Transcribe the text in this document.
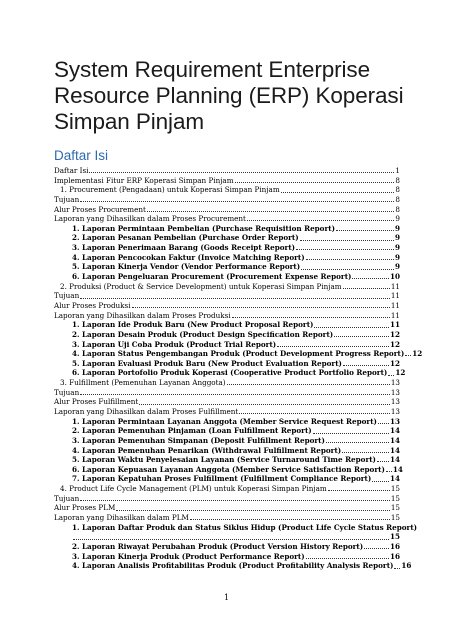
System Requirement Enterprise Resource Planning (ERP) Koperasi Simpan Pinjam
Daftar Isi
Daftar Isi	1
Implementasi Fitur ERP Koperasi Simpan Pinjam	8
1. Procurement (Pengadaan) untuk Koperasi Simpan Pinjam	8
Tujuan	8
Alur Proses Procurement	8
Laporan yang Dihasilkan dalam Proses Procurement	9
1. Laporan Permintaan Pembelian (Purchase Requisition Report)	9
2. Laporan Pesanan Pembelian (Purchase Order Report)	9
3. Laporan Penerimaan Barang (Goods Receipt Report)	9
4. Laporan Pencocokan Faktur (Invoice Matching Report)	9
5. Laporan Kinerja Vendor (Vendor Performance Report)	9
6. Laporan Pengeluaran Procurement (Procurement Expense Report)	10
2. Produksi (Product & Service Development) untuk Koperasi Simpan Pinjam	11
Tujuan	11
Alur Proses Produksi	11
Laporan yang Dihasilkan dalam Proses Produksi	11
1. Laporan Ide Produk Baru (New Product Proposal Report)	11
2. Laporan Desain Produk (Product Design Specification Report)	12
3. Laporan Uji Coba Produk (Product Trial Report)	12
4. Laporan Status Pengembangan Produk (Product Development Progress Report) 12
5. Laporan Evaluasi Produk Baru (New Product Evaluation Report)	12
6. Laporan Portofolio Produk Koperasi (Cooperative Product Portfolio Report) 12
3. Fulfillment (Pemenuhan Layanan Anggota)	13
Tujuan	13
Alur Proses Fulfillment	13
Laporan yang Dihasilkan dalam Proses Fulfillment	13
1. Laporan Permintaan Layanan Anggota (Member Service Request Report) 13
2. Laporan Pemenuhan Pinjaman (Loan Fulfillment Report)	14
3. Laporan Pemenuhan Simpanan (Deposit Fulfillment Report)	14
4. Laporan Pemenuhan Penarikan (Withdrawal Fulfillment Report)	14
5. Laporan Waktu Penyelesaian Layanan (Service Turnaround Time Report) 14
6. Laporan Kepuasan Layanan Anggota (Member Service Satisfaction Report) 14
7. Laporan Kepatuhan Proses Fulfillment (Fulfillment Compliance Report)	14
4. Product Life Cycle Management (PLM) untuk Koperasi Simpan Pinjam	15
Tujuan	15
Alur Proses PLM	15
Laporan yang Dihasilkan dalam PLM	15
1. Laporan Daftar Produk dan Status Siklus Hidup (Product Life Cycle Status Report)
15
2. Laporan Riwayat Perubahan Produk (Product Version History Report)	16
3. Laporan Kinerja Produk (Product Performance Report)	16
4. Laporan Analisis Profitabilitas Produk (Product Profitability Analysis Report) 16
1
